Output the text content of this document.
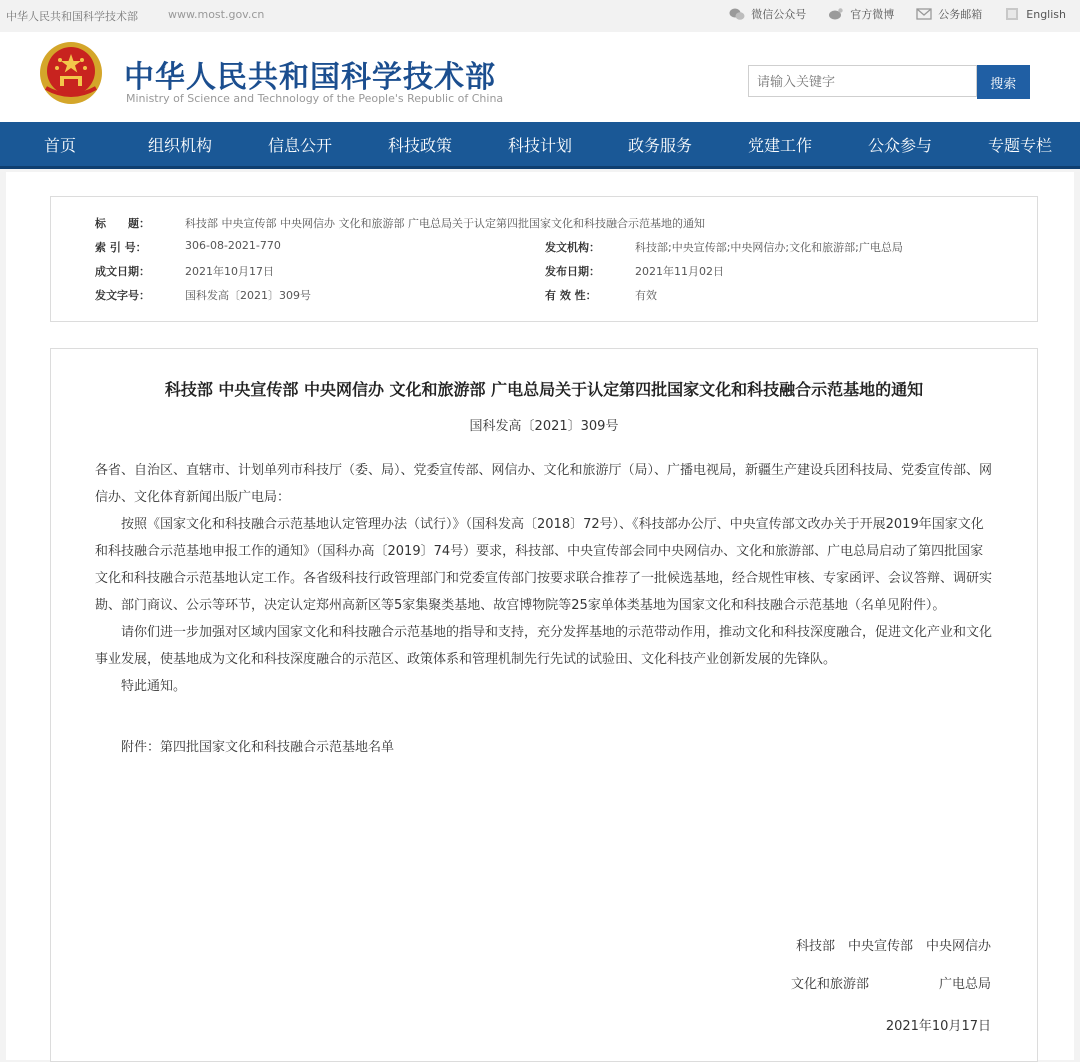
中华人民共和国科学技术部	www.most.gov.cn	微信公众号	官方微博	公务邮箱	English
中华人民共和国科学技术部
Ministry of Science and Technology of the People's Republic of China
请输入关键字
搜索
首页	组织机构	信息公开	科技政策	科技计划	政务服务	党建工作	公众参与	专题专栏
标　　题：	科技部 中央宣传部 中央网信办 文化和旅游部 广电总局关于认定第四批国家文化和科技融合示范基地的通知
索 引 号：	306-08-2021-770	发文机构：	科技部;中央宣传部;中央网信办;文化和旅游部;广电总局
成文日期：	2021年10月17日	发布日期：	2021年11月02日
发文字号：	国科发高〔2021〕309号	有 效 性：	有效
科技部 中央宣传部 中央网信办 文化和旅游部 广电总局关于认定第四批国家文化和科技融合示范基地的通知
国科发高〔2021〕309号

各省、自治区、直辖市、计划单列市科技厅（委、局）、党委宣传部、网信办、文化和旅游厅（局）、广播电视局，新疆生产建设兵团科技局、党委宣传部、网信办、文化体育新闻出版广电局：

按照《国家文化和科技融合示范基地认定管理办法（试行）》（国科发高〔2018〕72号）、《科技部办公厅、中央宣传部文改办关于开展2019年国家文化和科技融合示范基地申报工作的通知》（国科办高〔2019〕74号）要求，科技部、中央宣传部会同中央网信办、文化和旅游部、广电总局启动了第四批国家文化和科技融合示范基地认定工作。各省级科技行政管理部门和党委宣传部门按要求联合推荐了一批候选基地，经合规性审核、专家函评、会议答辩、调研实勘、部门商议、公示等环节，决定认定郑州高新区等5家集聚类基地、故宫博物院等25家单体类基地为国家文化和科技融合示范基地（名单见附件）。

请你们进一步加强对区域内国家文化和科技融合示范基地的指导和支持，充分发挥基地的示范带动作用，推动文化和科技深度融合，促进文化产业和文化事业发展，使基地成为文化和科技深度融合的示范区、政策体系和管理机制先行先试的试验田、文化科技产业创新发展的先锋队。

特此通知。

附件：第四批国家文化和科技融合示范基地名单

科技部　中央宣传部　中央网信办
文化和旅游部	广电总局
2021年10月17日
